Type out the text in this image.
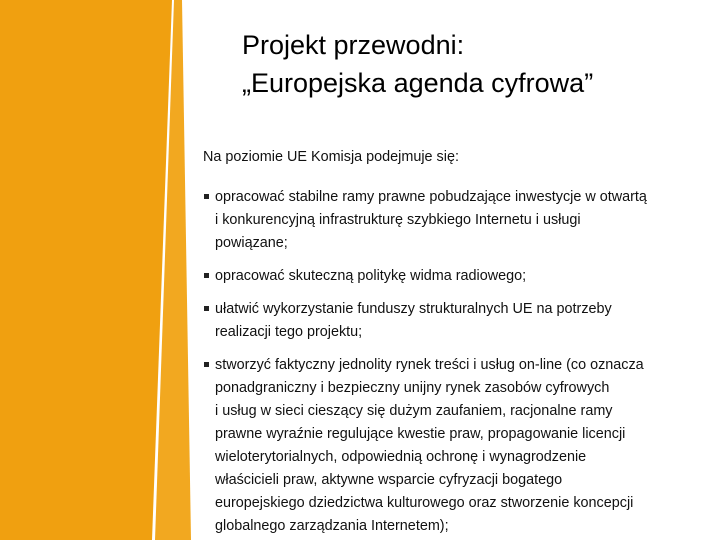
Projekt przewodni:
„Europejska agenda cyfrowa”
Na poziomie UE Komisja podejmuje się:
opracować stabilne ramy prawne pobudzające inwestycje w otwartą
i konkurencyjną infrastrukturę szybkiego Internetu i usługi
powiązane;
opracować skuteczną politykę widma radiowego;
ułatwić wykorzystanie funduszy strukturalnych UE na potrzeby
realizacji tego projektu;
stworzyć faktyczny jednolity rynek treści i usług on-line (co oznacza
ponadgraniczny i bezpieczny unijny rynek zasobów cyfrowych
i usług w sieci cieszący się dużym zaufaniem, racjonalne ramy
prawne wyraźnie regulujące kwestie praw, propagowanie licencji
wieloterytorialnych, odpowiednią ochronę i wynagrodzenie
właścicieli praw, aktywne wsparcie cyfryzacji bogatego
europejskiego dziedzictwa kulturowego oraz stworzenie koncepcji
globalnego zarządzania Internetem);
